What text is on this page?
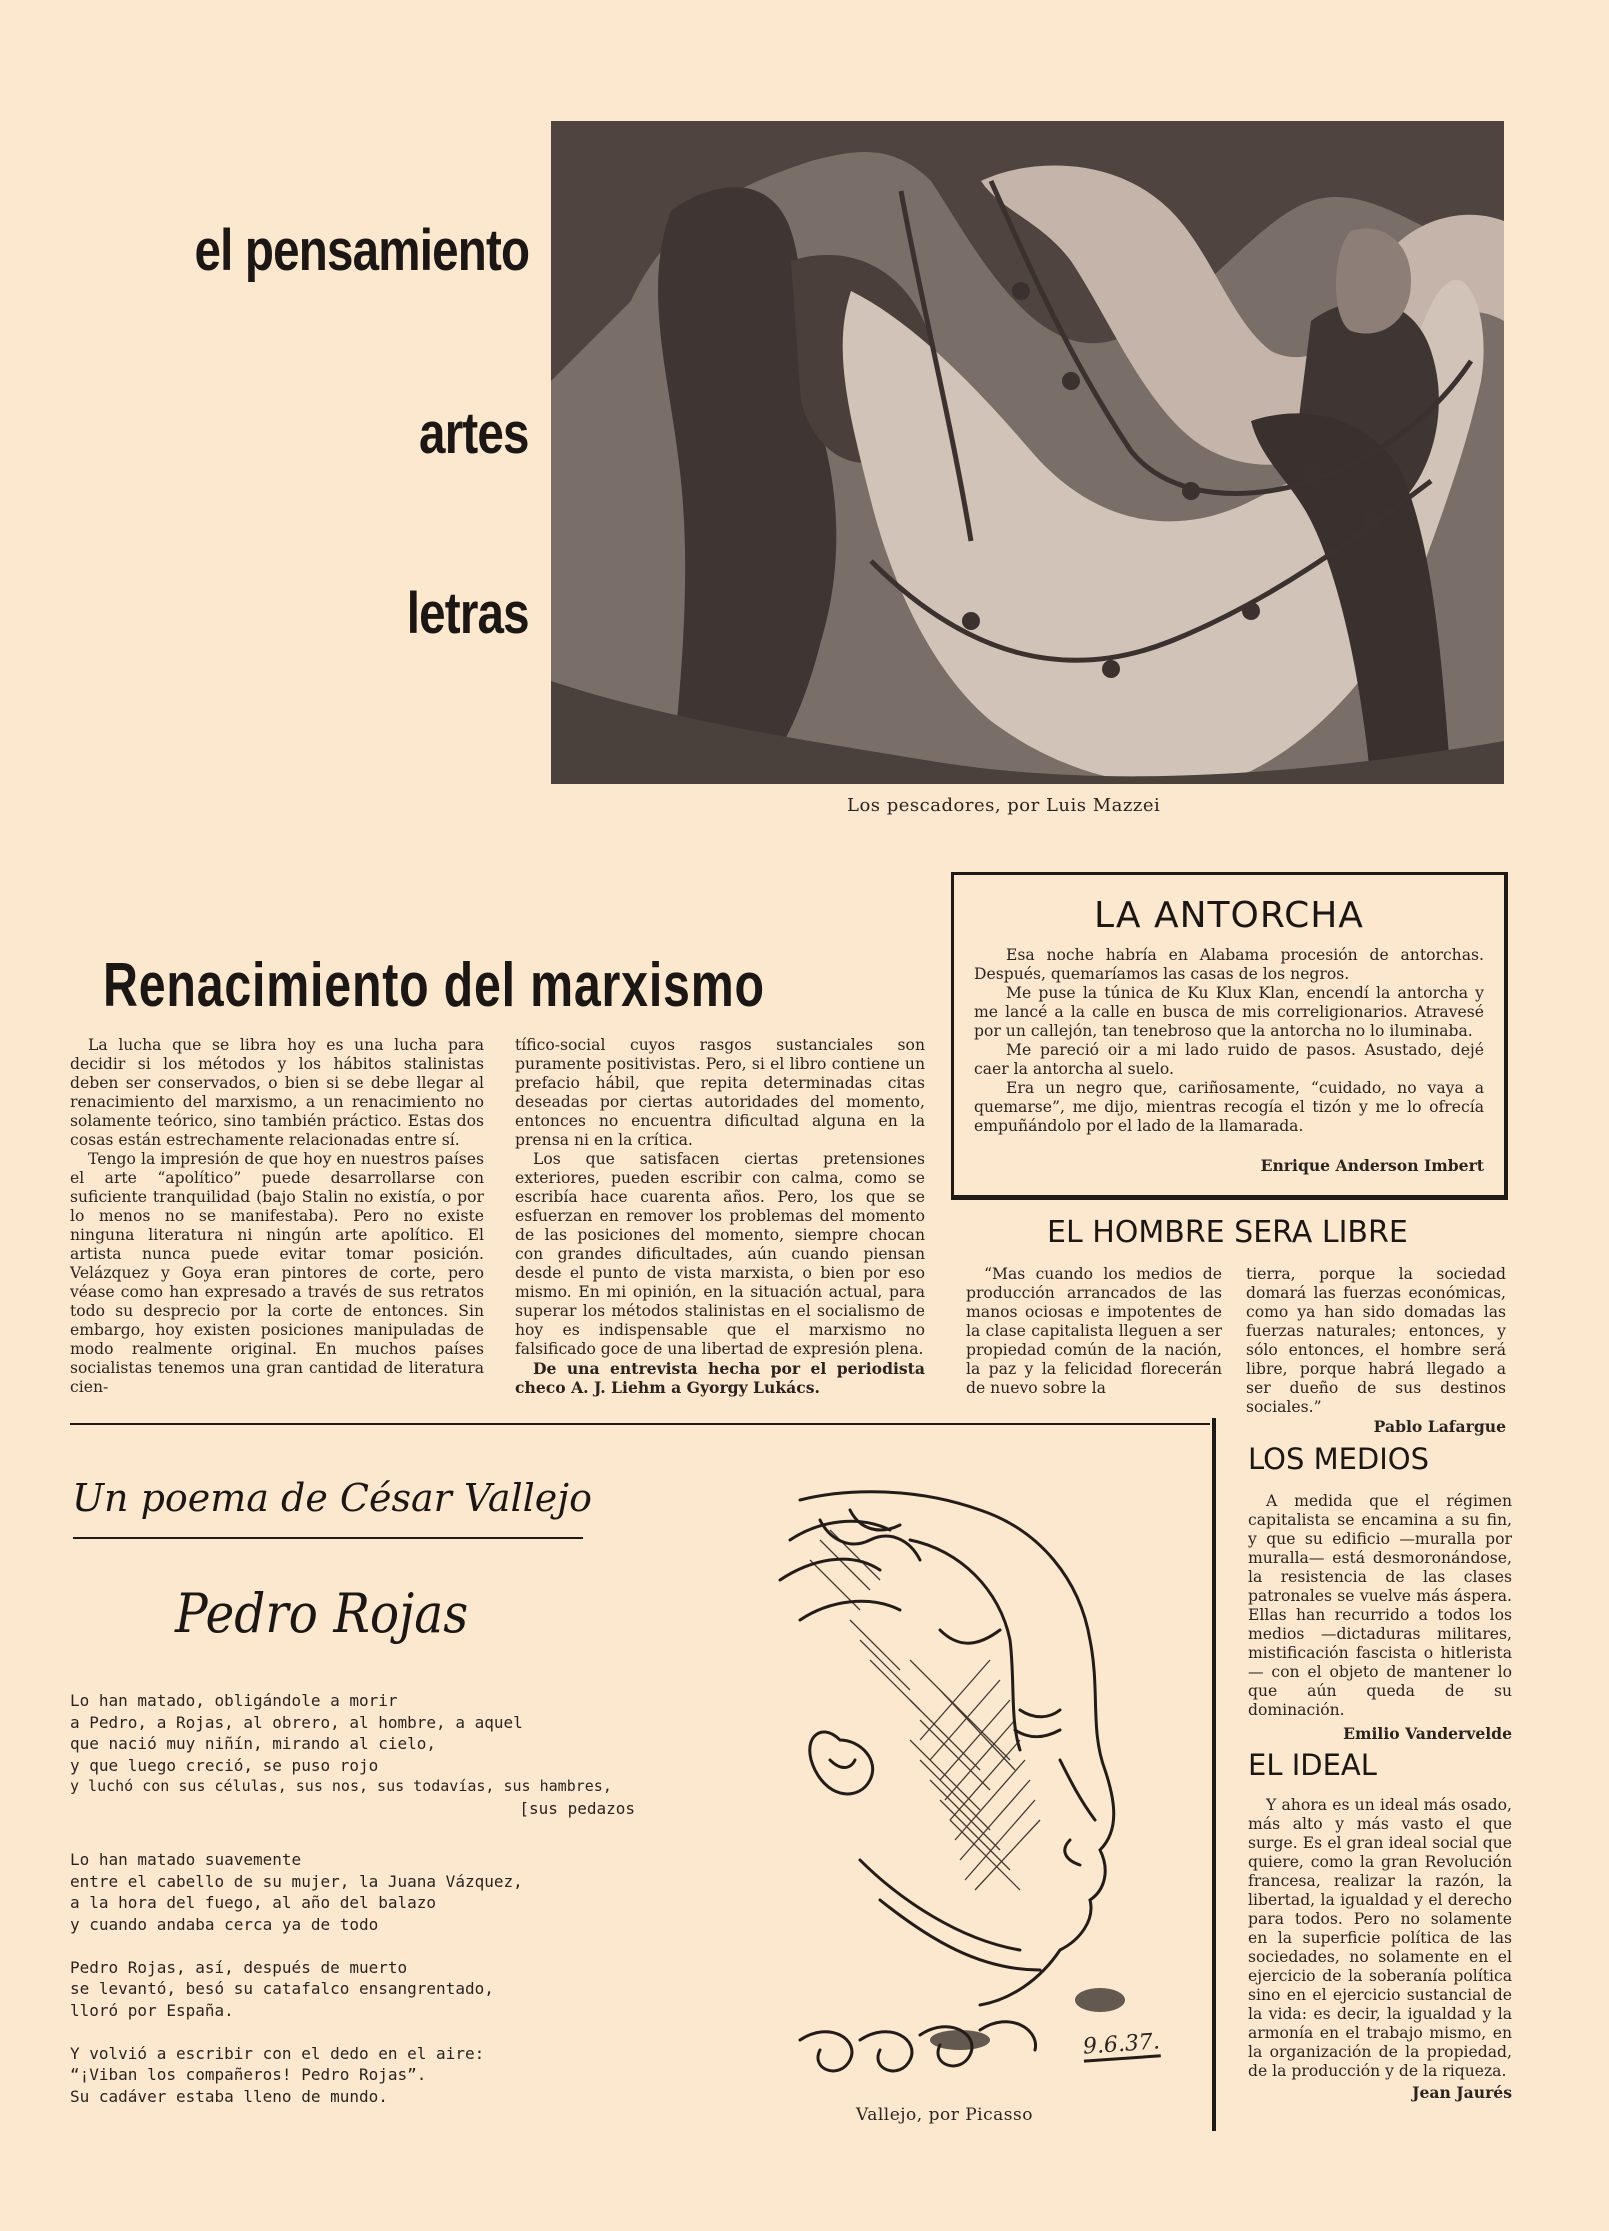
el pensamiento
artes
letras
Los pescadores, por Luis Mazzei
Renacimiento del marxismo

La lucha que se libra hoy es una lucha para decidir si los métodos y los hábitos stalinistas deben ser conservados, o bien si se debe llegar al renacimiento del marxismo, a un renacimiento no solamente teórico, sino también práctico. Estas dos cosas están estrechamente relacionadas entre sí.

Tengo la impresión de que hoy en nuestros países el arte “apolítico” puede desarrollarse con suficiente tranquilidad (bajo Stalin no existía, o por lo menos no se manifestaba). Pero no existe ninguna literatura ni ningún arte apolítico. El artista nunca puede evitar tomar posición. Velázquez y Goya eran pintores de corte, pero véase como han expresado a través de sus retratos todo su desprecio por la corte de entonces. Sin embargo, hoy existen posiciones manipuladas de modo realmente original. En muchos países socialistas tenemos una gran cantidad de literatura cien-

tífico-social cuyos rasgos sustanciales son puramente positivistas. Pero, si el libro contiene un prefacio hábil, que repita determinadas citas deseadas por ciertas autoridades del momento, entonces no encuentra dificultad alguna en la prensa ni en la crítica.

Los que satisfacen ciertas pretensiones exteriores, pueden escribir con calma, como se escribía hace cuarenta años. Pero, los que se esfuerzan en remover los problemas del momento de las posiciones del momento, siempre chocan con grandes dificultades, aún cuando piensan desde el punto de vista marxista, o bien por eso mismo. En mi opinión, en la situación actual, para superar los métodos stalinistas en el socialismo de hoy es indispensable que el marxismo no falsificado goce de una libertad de expresión plena.

De una entrevista hecha por el periodista checo A. J. Liehm a Gyorgy Lukács.

LA ANTORCHA

Esa noche habría en Alabama procesión de antorchas. Después, quemaríamos las casas de los negros.

Me puse la túnica de Ku Klux Klan, encendí la antorcha y me lancé a la calle en busca de mis correligionarios. Atravesé por un callejón, tan tenebroso que la antorcha no lo iluminaba.

Me pareció oir a mi lado ruido de pasos. Asustado, dejé caer la antorcha al suelo.

Era un negro que, cariñosamente, “cuidado, no vaya a quemarse”, me dijo, mientras recogía el tizón y me lo ofrecía empuñándolo por el lado de la llamarada.

Enrique Anderson Imbert
EL HOMBRE SERA LIBRE

“Mas cuando los medios de producción arrancados de las manos ociosas e impotentes de la clase capitalista lleguen a ser propiedad común de la nación, la paz y la felicidad florecerán de nuevo sobre la

tierra, porque la sociedad domará las fuerzas económicas, como ya han sido domadas las fuerzas naturales; entonces, y sólo entonces, el hombre será libre, porque habrá llegado a ser dueño de sus destinos sociales.”

Pablo Lafargue
LOS MEDIOS

A medida que el régimen capitalista se encamina a su fin, y que su edificio —muralla por muralla— está desmoronándose, la resistencia de las clases patronales se vuelve más áspera. Ellas han recurrido a todos los medios —dictaduras militares, mistificación fascista o hitlerista — con el objeto de mantener lo que aún queda de su dominación.

Emilio Vandervelde
EL IDEAL

Y ahora es un ideal más osado, más alto y más vasto el que surge. Es el gran ideal social que quiere, como la gran Revolución francesa, realizar la razón, la libertad, la igualdad y el derecho para todos. Pero no solamente en la superficie política de las sociedades, no solamente en el ejercicio de la soberanía política sino en el ejercicio sustancial de la vida: es decir, la igualdad y la armonía en el trabajo mismo, en la organización de la propiedad, de la producción y de la riqueza.

Jean Jaurés
Un poema de César Vallejo
Pedro Rojas
Lo han matado, obligándole a morir
a Pedro, a Rojas, al obrero, al hombre, a aquel
que nació muy niñín, mirando al cielo,
y que luego creció, se puso rojo
y luchó con sus células, sus nos, sus todavías, sus hambres,
[sus pedazos
Lo han matado suavemente
entre el cabello de su mujer, la Juana Vázquez,
a la hora del fuego, al año del balazo
y cuando andaba cerca ya de todo
Pedro Rojas, así, después de muerto
se levantó, besó su catafalco ensangrentado,
lloró por España.
Y volvió a escribir con el dedo en el aire:
“¡Viban los compañeros! Pedro Rojas”.
Su cadáver estaba lleno de mundo.
9.6.37.
Vallejo, por Picasso
